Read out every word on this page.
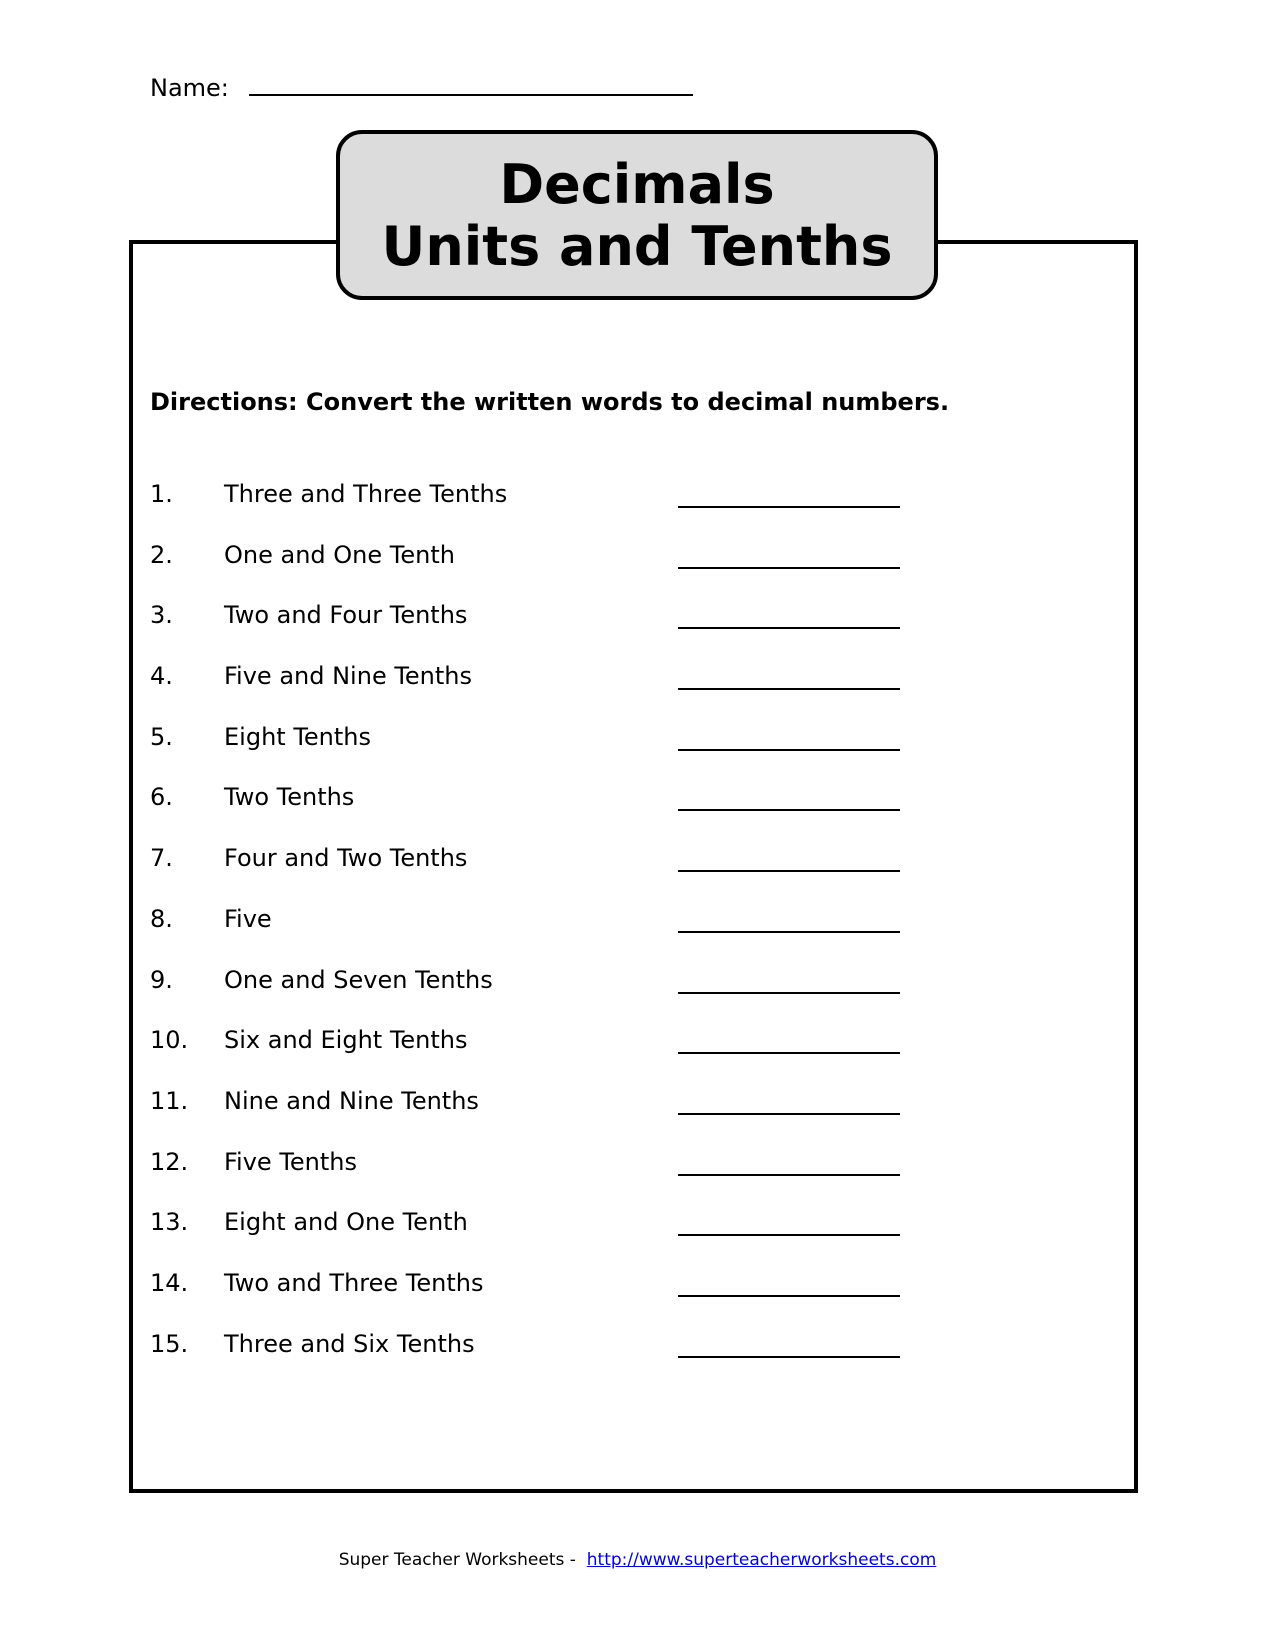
Name:
Decimals
Units and Tenths
Directions: Convert the written words to decimal numbers.
1. Three and Three Tenths
2. One and One Tenth
3. Two and Four Tenths
4. Five and Nine Tenths
5. Eight Tenths
6. Two Tenths
7. Four and Two Tenths
8. Five
9. One and Seven Tenths
10. Six and Eight Tenths
11. Nine and Nine Tenths
12. Five Tenths
13. Eight and One Tenth
14. Two and Three Tenths
15. Three and Six Tenths
Super Teacher Worksheets -  http://www.superteacherworksheets.com
